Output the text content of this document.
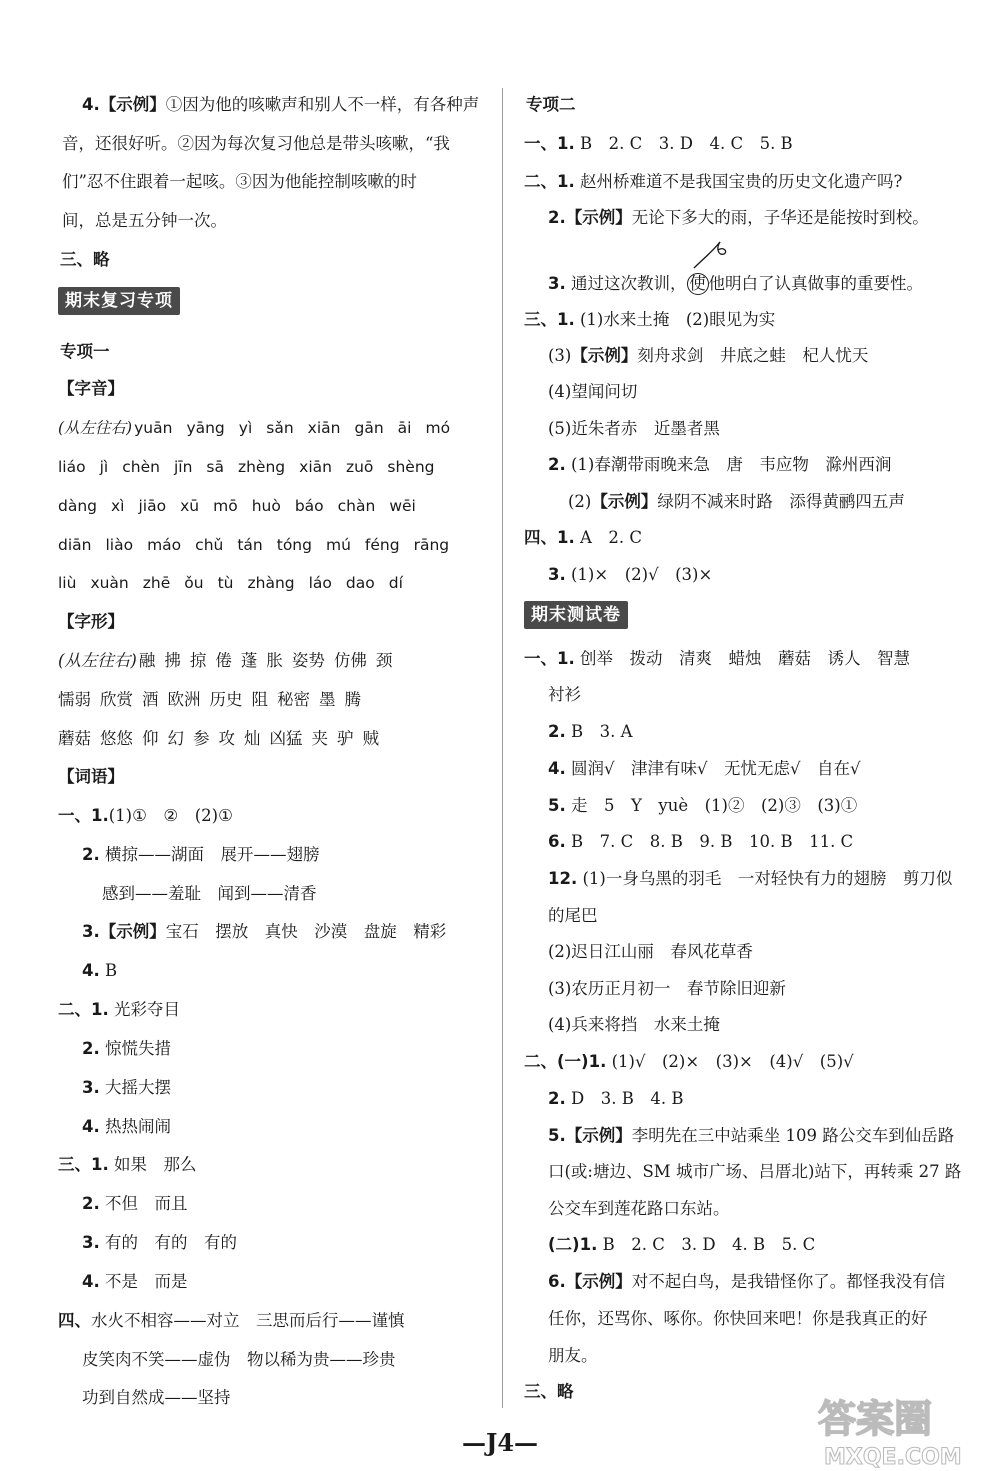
4.【示例】①因为他的咳嗽声和别人不一样，有各种声
音，还很好听。②因为每次复习他总是带头咳嗽，“我
们”忍不住跟着一起咳。③因为他能控制咳嗽的时
间，总是五分钟一次。
三、略
期末复习专项
专项一
【字音】
(从左往右) yuān yāng yì sǎn xiān gān āi mó
liáo jì chèn jīn sā zhèng xiān zuō shèng
dàng xì jiāo xū mō huò báo chàn wēi
diān liào máo chǔ tán tóng mú féng rāng
liù xuàn zhē ǒu tù zhàng láo dao dí
【字形】
(从左往右) 融 拂 掠 倦 蓬 胀 姿势 仿佛 颈
懦弱 欣赏 酒 欧洲 历史 阻 秘密 墨 腾
蘑菇 悠悠 仰 幻 参 攻 灿 凶猛 夹 驴 贼
【词语】
一、1.(1)①　②　(2)①
2. 横掠——湖面　展开——翅膀
感到——羞耻　闻到——清香
3.【示例】宝石　摆放　真快　沙漠　盘旋　精彩
4. B
二、1. 光彩夺目
2. 惊慌失措
3. 大摇大摆
4. 热热闹闹
三、1. 如果　那么
2. 不但　而且
3. 有的　有的　有的
4. 不是　而是
四、水火不相容——对立　三思而后行——谨慎
皮笑肉不笑——虚伪　物以稀为贵——珍贵
功到自然成——坚持
专项二
一、1. B　2. C　3. D　4. C　5. B
二、1. 赵州桥难道不是我国宝贵的历史文化遗产吗?
2.【示例】无论下多大的雨，子华还是能按时到校。
3. 通过这次教训， 使 他明白了认真做事的重要性。
三、1. (1)水来土掩　(2)眼见为实
(3)【示例】刻舟求剑　井底之蛙　杞人忧天
(4)望闻问切
(5)近朱者赤　近墨者黑
2. (1)春潮带雨晚来急　唐　韦应物　滁州西涧
(2)【示例】绿阴不减来时路　添得黄鹂四五声
四、1. A　2. C
3. (1)×　(2)√　(3)×
期末测试卷
一、1. 创举　拨动　清爽　蜡烛　蘑菇　诱人　智慧
衬衫
2. B　3. A
4. 圆润√　津津有味√　无忧无虑√　自在√
5. 走　5　Y　yuè　(1)②　(2)③　(3)①
6. B　7. C　8. B　9. B　10. B　11. C
12. (1)一身乌黑的羽毛　一对轻快有力的翅膀　剪刀似
的尾巴
(2)迟日江山丽　春风花草香
(3)农历正月初一　春节除旧迎新
(4)兵来将挡　水来土掩
二、(一)1. (1)√　(2)×　(3)×　(4)√　(5)√
2. D　3. B　4. B
5.【示例】李明先在三中站乘坐 109 路公交车到仙岳路
口(或:塘边、SM 城市广场、吕厝北)站下，再转乘 27 路
公交车到莲花路口东站。
(二)1. B　2. C　3. D　4. B　5. C
6.【示例】对不起白鸟，是我错怪你了。都怪我没有信
任你，还骂你、啄你。你快回来吧！你是我真正的好
朋友。
三、略
—J4—
答案圈
MXQE.COM
